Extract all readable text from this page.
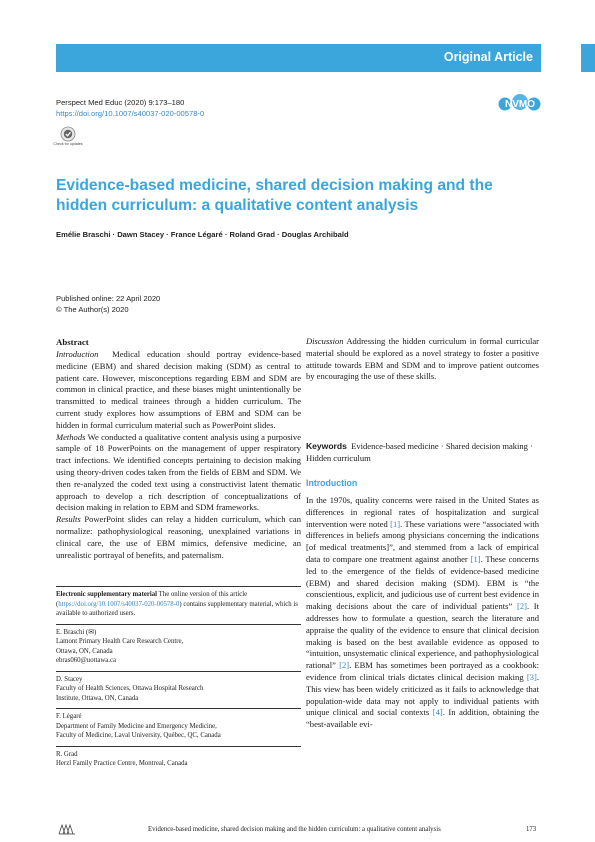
Original Article
Perspect Med Educ (2020) 9:173–180
https://doi.org/10.1007/s40037-020-00578-0
Check for updates
NVMO
Evidence-based medicine, shared decision making and the hidden curriculum: a qualitative content analysis
Emélie Braschi · Dawn Stacey · France Légaré · Roland Grad · Douglas Archibald
Published online: 22 April 2020
© The Author(s) 2020
Abstract

Introduction Medical education should portray evidence-based medicine (EBM) and shared decision making (SDM) as central to patient care. However, misconceptions regarding EBM and SDM are common in clinical practice, and these biases might unintentionally be transmitted to medical trainees through a hidden curriculum. The current study explores how assumptions of EBM and SDM can be hidden in formal curriculum material such as PowerPoint slides.

Methods We conducted a qualitative content analysis using a purposive sample of 18 PowerPoints on the management of upper respiratory tract infections. We identified concepts pertaining to decision making using theory-driven codes taken from the fields of EBM and SDM. We then re-analyzed the coded text using a constructivist latent thematic approach to develop a rich description of conceptualizations of decision making in relation to EBM and SDM frameworks.

Results PowerPoint slides can relay a hidden curriculum, which can normalize: pathophysiological reasoning, unexplained variations in clinical care, the use of EBM mimics, defensive medicine, an unrealistic portrayal of benefits, and paternalism.

Electronic supplementary material The online version of this article (https://doi.org/10.1007/s40037-020-00578-0) contains supplementary material, which is available to authorized users.
E. Braschi (✉)
Lamont Primary Health Care Research Centre,
Ottawa, ON, Canada
ebras060@uottawa.ca
D. Stacey
Faculty of Health Sciences, Ottawa Hospital Research
Institute, Ottawa, ON, Canada
F. Légaré
Department of Family Medicine and Emergency Medicine,
Faculty of Medicine, Laval University, Québec, QC, Canada
R. Grad
Herzl Family Practice Centre, Montreal, Canada

Discussion Addressing the hidden curriculum in formal curricular material should be explored as a novel strategy to foster a positive attitude towards EBM and SDM and to improve patient outcomes by encouraging the use of these skills.

Keywords Evidence-based medicine · Shared decision making · Hidden curriculum
Introduction

In the 1970s, quality concerns were raised in the United States as differences in regional rates of hospitalization and surgical intervention were noted [1]. These variations were “associated with differences in beliefs among physicians concerning the indications [of medical treatments]”, and stemmed from a lack of empirical data to compare one treatment against another [1]. These concerns led to the emergence of the fields of evidence-based medicine (EBM) and shared decision making (SDM). EBM is “the conscientious, explicit, and judicious use of current best evidence in making decisions about the care of individual patients” [2]. It addresses how to formulate a question, search the literature and appraise the quality of the evidence to ensure that clinical decision making is based on the best available evidence as opposed to “intuition, unsystematic clinical experience, and pathophysiological rational” [2]. EBM has sometimes been portrayed as a cookbook: evidence from clinical trials dictates clinical decision making [3]. This view has been widely criticized as it fails to acknowledge that population-wide data may not apply to individual patients with unique clinical and social contexts [4]. In addition, obtaining the “best-available evi-

Evidence-based medicine, shared decision making and the hidden curriculum: a qualitative content analysis	173
